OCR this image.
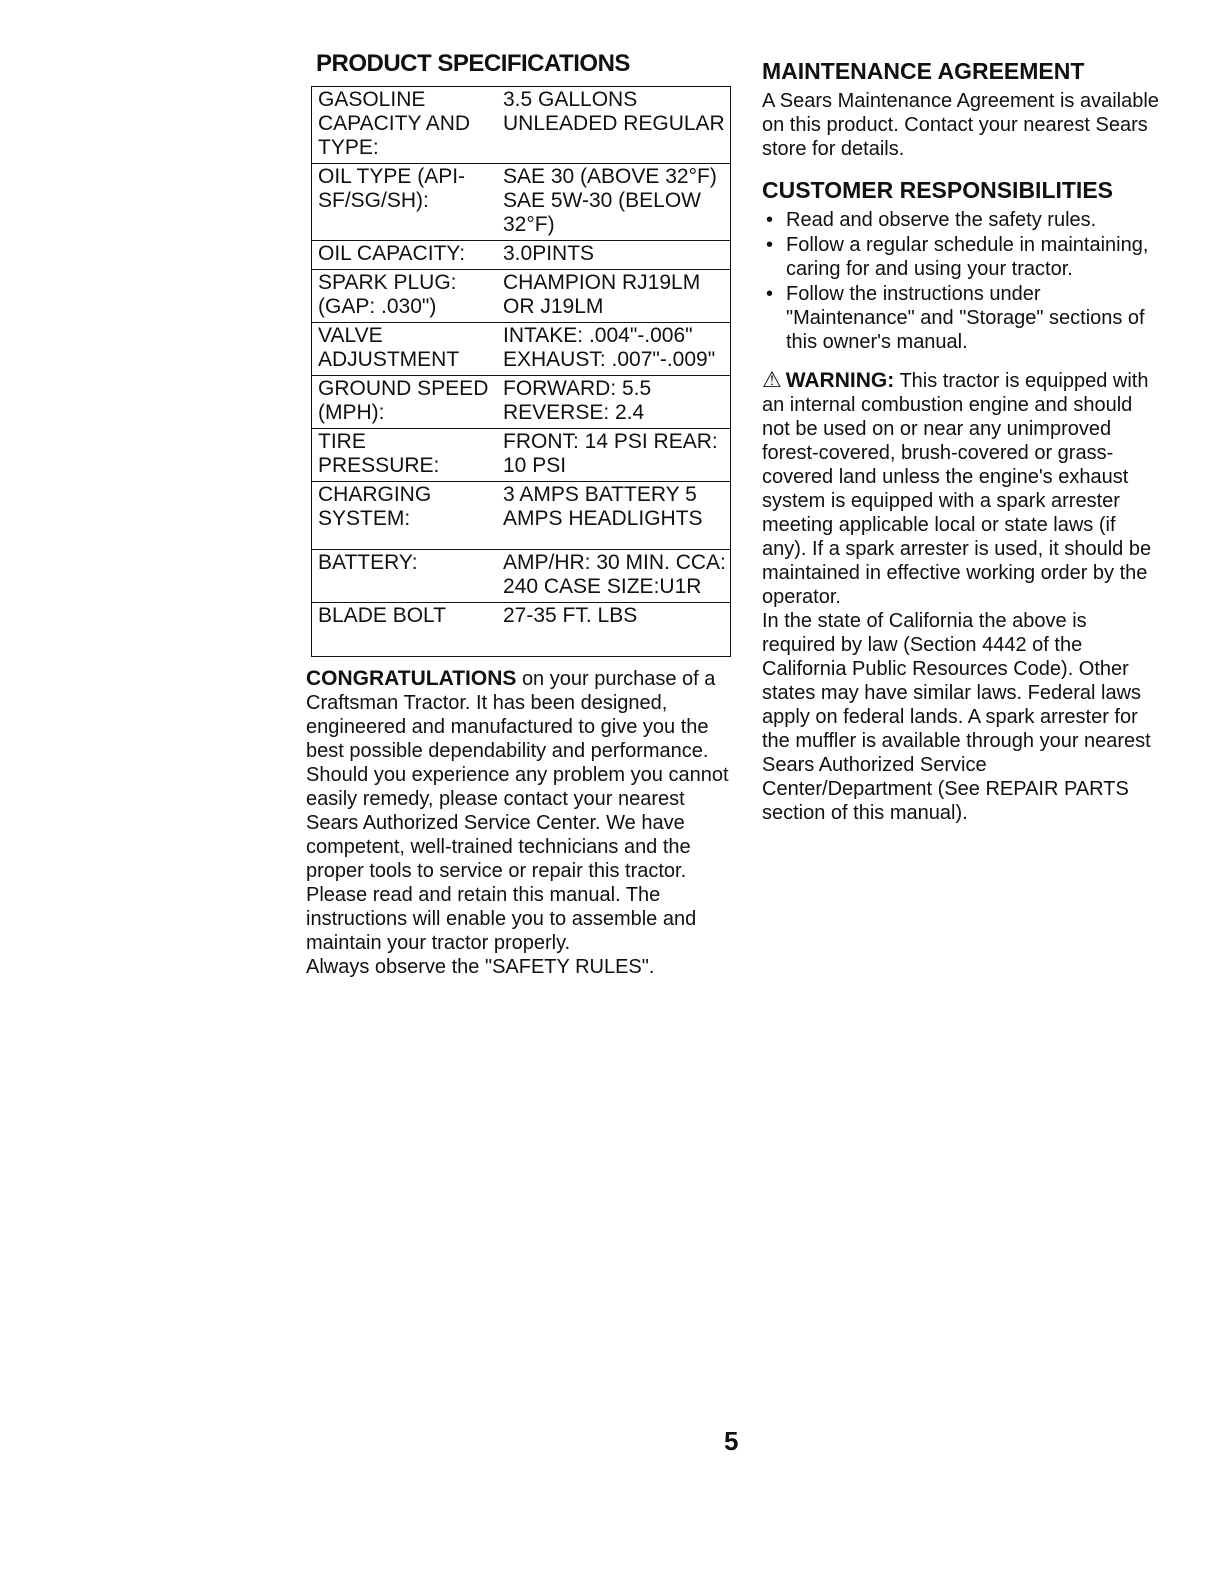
PRODUCT SPECIFICATIONS
GASOLINE CAPACITY AND TYPE:	3.5 GALLONS UNLEADED REGULAR
OIL TYPE (API-SF/SG/SH):	SAE 30 (ABOVE 32°F) SAE 5W-30 (BELOW 32°F)
OIL CAPACITY:	3.0PINTS
SPARK PLUG: (GAP: .030")	CHAMPION RJ19LM OR J19LM
VALVE ADJUSTMENT	INTAKE: .004"-.006" EXHAUST: .007"-.009"
GROUND SPEED (MPH):	FORWARD: 5.5 REVERSE: 2.4
TIRE PRESSURE:	FRONT: 14 PSI REAR: 10 PSI
CHARGING SYSTEM:	3 AMPS BATTERY 5 AMPS HEADLIGHTS
BATTERY:	AMP/HR: 30 MIN. CCA: 240 CASE SIZE:U1R
BLADE BOLT	27-35 FT. LBS

CONGRATULATIONS on your purchase of a Craftsman Tractor. It has been designed, engineered and manufactured to give you the best possible dependability and performance.

Should you experience any problem you cannot easily remedy, please contact your nearest Sears Authorized Service Center. We have competent, well-trained technicians and the proper tools to service or repair this tractor.

Please read and retain this manual. The instructions will enable you to assemble and maintain your tractor properly.

Always observe the "SAFETY RULES".

MAINTENANCE AGREEMENT
A Sears Maintenance Agreement is available on this product. Contact your nearest Sears store for details.
CUSTOMER RESPONSIBILITIES
• Read and observe the safety rules.
• Follow a regular schedule in maintaining, caring for and using your tractor.
• Follow the instructions under "Maintenance" and "Storage" sections of this owner's manual.

⚠ WARNING: This tractor is equipped with an internal combustion engine and should not be used on or near any unimproved forest-covered, brush-covered or grass-covered land unless the engine's exhaust system is equipped with a spark arrester meeting applicable local or state laws (if any). If a spark arrester is used, it should be maintained in effective working order by the operator.

In the state of California the above is required by law (Section 4442 of the California Public Resources Code). Other states may have similar laws. Federal laws apply on federal lands. A spark arrester for the muffler is available through your nearest Sears Authorized Service Center/Department (See REPAIR PARTS section of this manual).

5
